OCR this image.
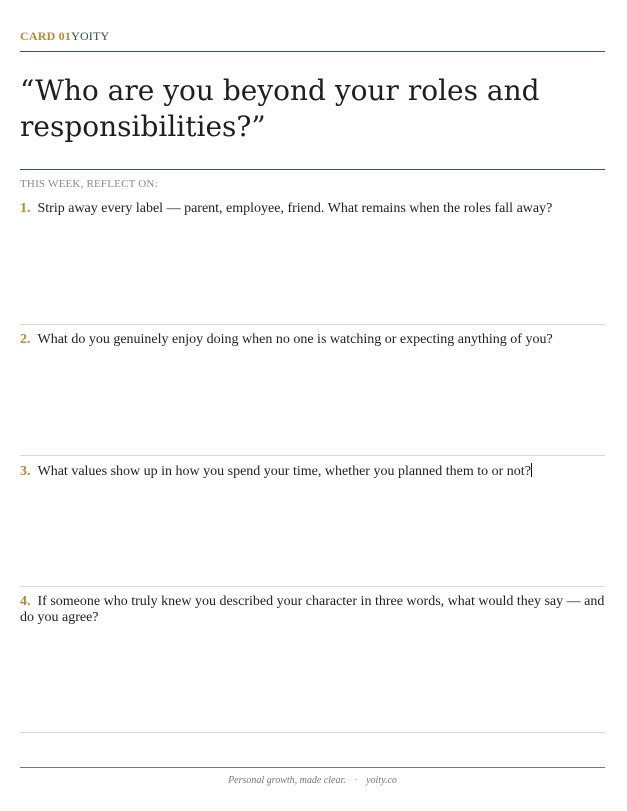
CARD 01YOITY
“Who are you beyond your roles and responsibilities?”
THIS WEEK, REFLECT ON:

1. Strip away every label — parent, employee, friend. What remains when the roles fall away?

2. What do you genuinely enjoy doing when no one is watching or expecting anything of you?

3. What values show up in how you spend your time, whether you planned them to or not?

4. If someone who truly knew you described your character in three words, what would they say — and do you agree?

Personal growth, made clear. · yoity.co
